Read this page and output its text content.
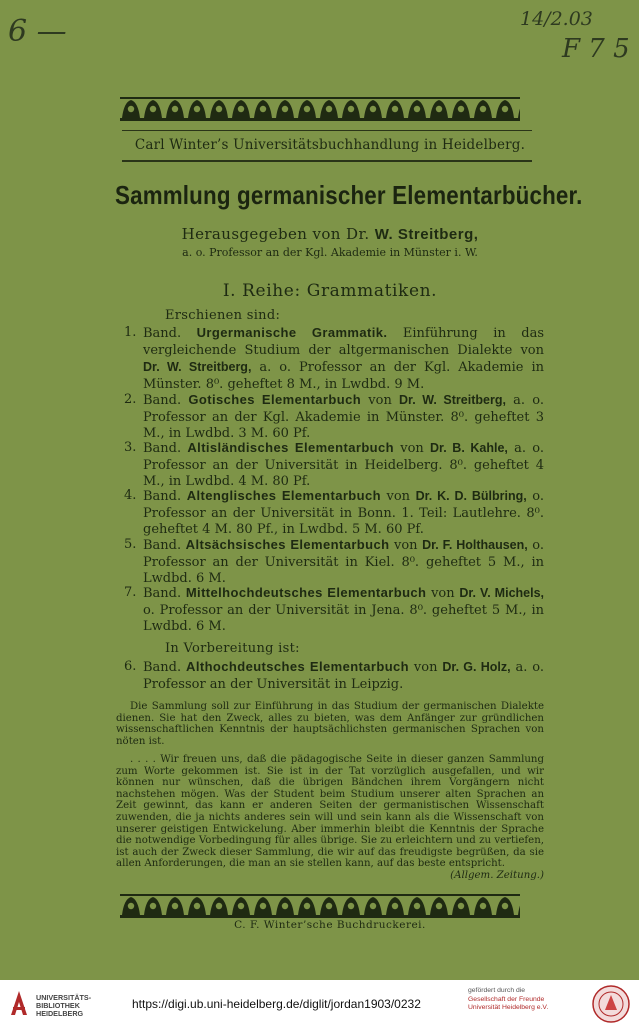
6 —	14/2.03
F 7 5
Carl Winter’s Universitätsbuchhandlung in Heidelberg.
Sammlung germanischer Elementarbücher.
Herausgegeben von Dr. W. Streitberg,
a. o. Professor an der Kgl. Akademie in Münster i. W.
I. Reihe: Grammatiken.
Erschienen sind:
1. Band. Urgermanische Grammatik. Einführung in das vergleichende Studium der altgermanischen Dialekte von Dr. W. Streitberg, a. o. Professor an der Kgl. Akademie in Münster. 8⁰. geheftet 8 M., in Lwdbd. 9 M.
2. Band. Gotisches Elementarbuch von Dr. W. Streitberg, a. o. Professor an der Kgl. Akademie in Münster. 8⁰. geheftet 3 M., in Lwdbd. 3 M. 60 Pf.
3. Band. Altisländisches Elementarbuch von Dr. B. Kahle, a. o. Professor an der Universität in Heidelberg. 8⁰. geheftet 4 M., in Lwdbd. 4 M. 80 Pf.
4. Band. Altenglisches Elementarbuch von Dr. K. D. Bülbring, o. Professor an der Universität in Bonn. 1. Teil: Lautlehre. 8⁰. geheftet 4 M. 80 Pf., in Lwdbd. 5 M. 60 Pf.
5. Band. Altsächsisches Elementarbuch von Dr. F. Holthausen, o. Professor an der Universität in Kiel. 8⁰. geheftet 5 M., in Lwdbd. 6 M.
7. Band. Mittelhochdeutsches Elementarbuch von Dr. V. Michels, o. Professor an der Universität in Jena. 8⁰. geheftet 5 M., in Lwdbd. 6 M.
In Vorbereitung ist:
6. Band. Althochdeutsches Elementarbuch von Dr. G. Holz, a. o. Professor an der Universität in Leipzig.
Die Sammlung soll zur Einführung in das Studium der germanischen Dialekte dienen. Sie hat den Zweck, alles zu bieten, was dem Anfänger zur gründlichen wissenschaftlichen Kenntnis der hauptsächlichsten germanischen Sprachen von nöten ist.
. . . . Wir freuen uns, daß die pädagogische Seite in dieser ganzen Sammlung zum Worte gekommen ist. Sie ist in der Tat vorzüglich ausgefallen, und wir können nur wünschen, daß die übrigen Bändchen ihrem Vorgängern nicht nachstehen mögen. Was der Student beim Studium unserer alten Sprachen an Zeit gewinnt, das kann er anderen Seiten der germanistischen Wissenschaft zuwenden, die ja nichts anderes sein will und sein kann als die Wissenschaft von unserer geistigen Entwickelung. Aber immerhin bleibt die Kenntnis der Sprache die notwendige Vorbedingung für alles übrige. Sie zu erleichtern und zu vertiefen, ist auch der Zweck dieser Sammlung, die wir auf das freudigste begrüßen, da sie allen Anforderungen, die man an sie stellen kann, auf das beste entspricht.
(Allgem. Zeitung.)
C. F. Winter’sche Buchdruckerei.
UNIVERSITÄTS-
BIBLIOTHEK
HEIDELBERG
https://digi.ub.uni-heidelberg.de/diglit/jordan1903/0232
gefördert durch die
Gesellschaft der Freunde
Universität Heidelberg e.V.
